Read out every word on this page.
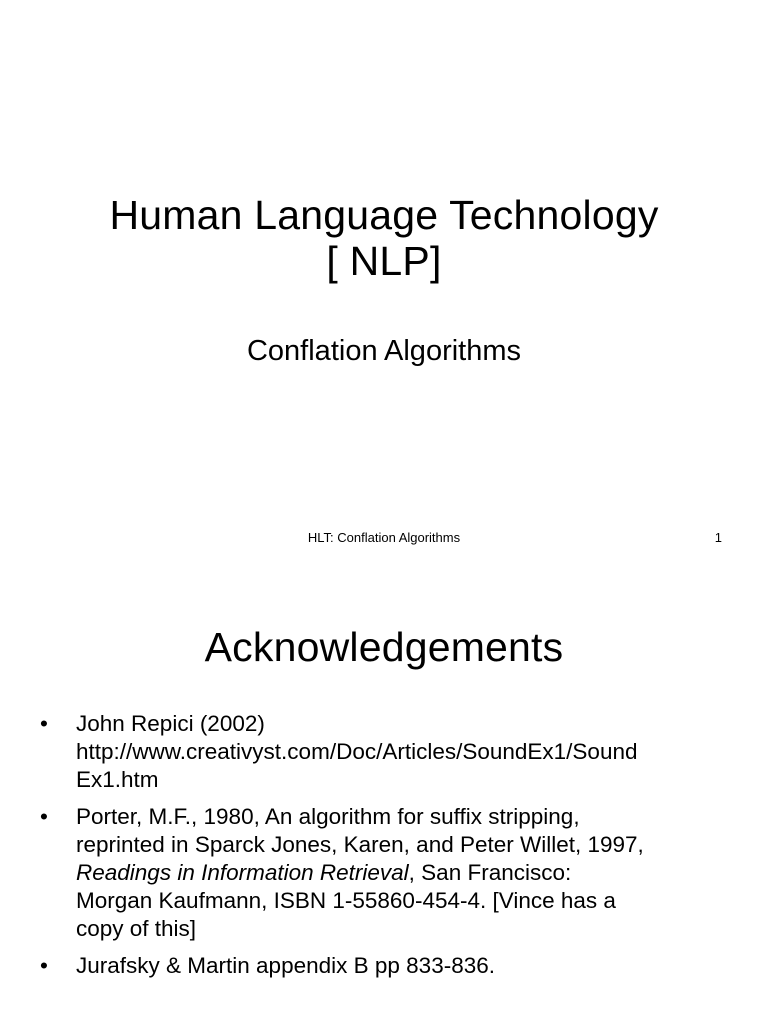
Human Language Technology
[ NLP]
Conflation Algorithms
HLT: Conflation Algorithms	1
Acknowledgements
•	John Repici (2002)
http://www.creativyst.com/Doc/Articles/SoundEx1/Sound
Ex1.htm
•	Porter, M.F., 1980, An algorithm for suffix stripping,
reprinted in Sparck Jones, Karen, and Peter Willet, 1997,
Readings in Information Retrieval, San Francisco:
Morgan Kaufmann, ISBN 1-55860-454-4. [Vince has a
copy of this]
•	Jurafsky & Martin appendix B pp 833-836.
